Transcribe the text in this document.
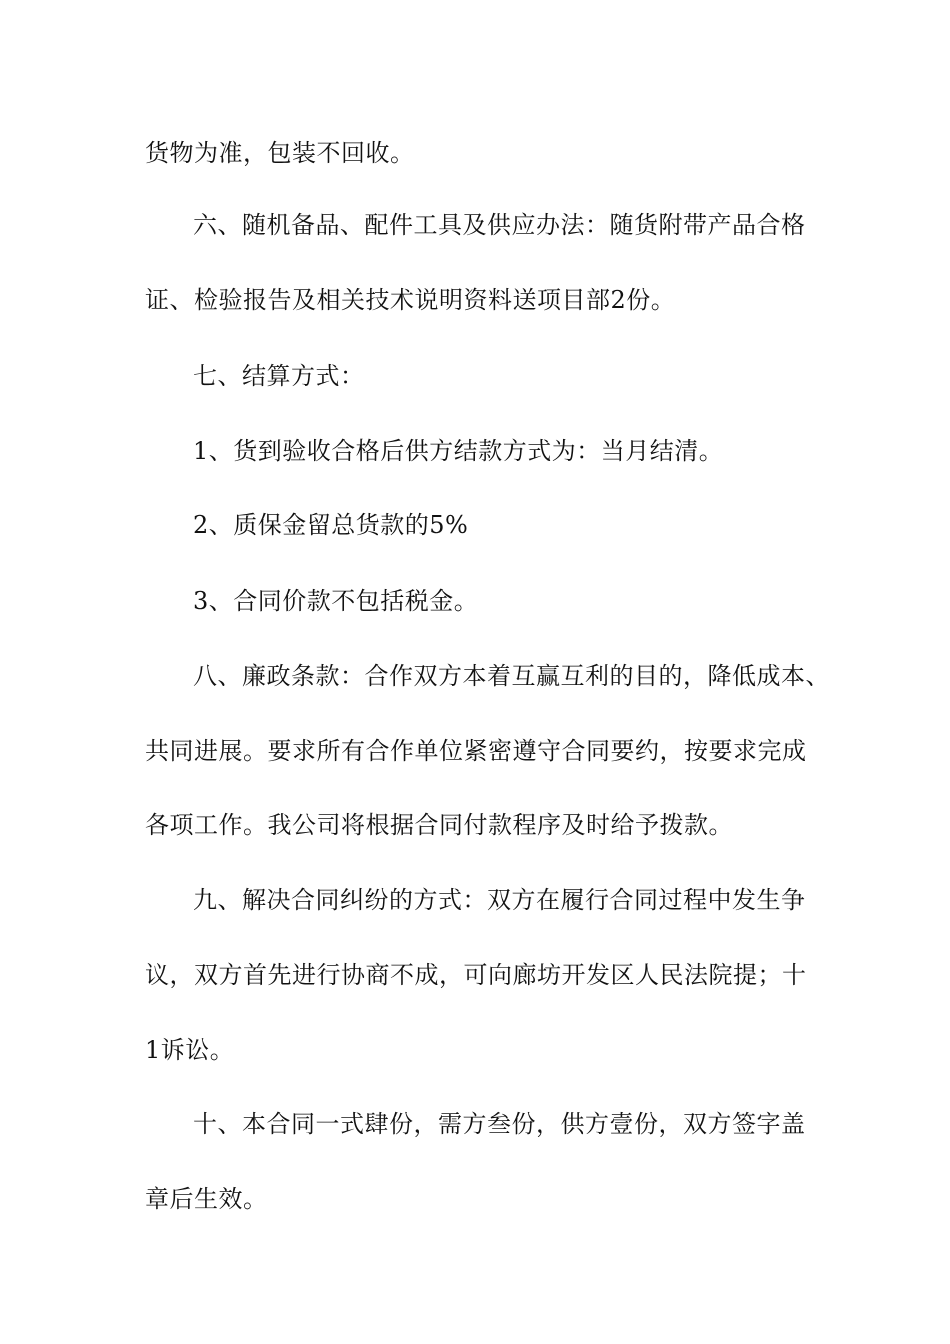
货物为准，包装不回收。
六、随机备品、配件工具及供应办法：随货附带产品合格
证、检验报告及相关技术说明资料送项目部2份。
七、结算方式：
1、货到验收合格后供方结款方式为：当月结清。
2、质保金留总货款的5%
3、合同价款不包括税金。
八、廉政条款：合作双方本着互赢互利的目的，降低成本、
共同进展。要求所有合作单位紧密遵守合同要约，按要求完成
各项工作。我公司将根据合同付款程序及时给予拨款。
九、解决合同纠纷的方式：双方在履行合同过程中发生争
议，双方首先进行协商不成，可向廊坊开发区人民法院提；十
1诉讼。
十、本合同一式肆份，需方叁份，供方壹份，双方签字盖
章后生效。
